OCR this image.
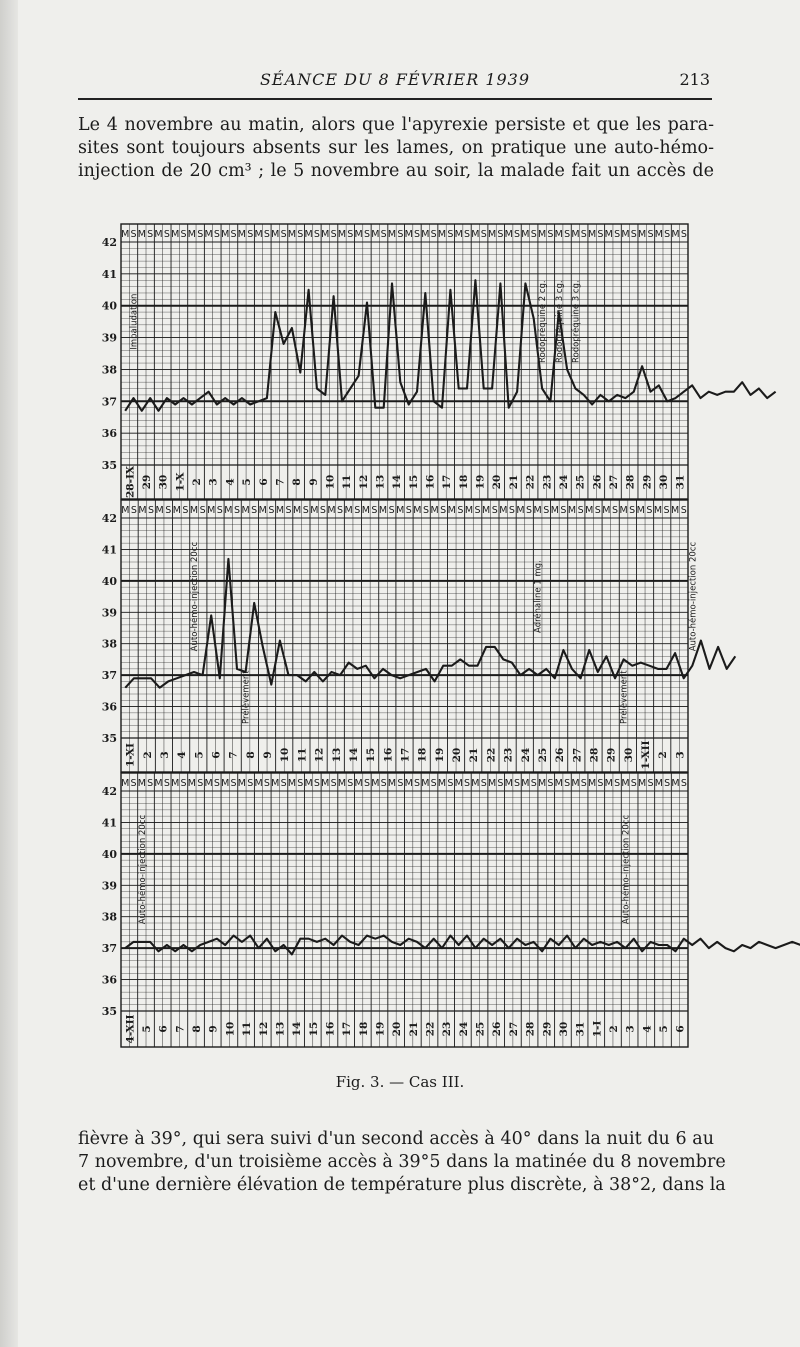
SÉANCE DU 8 FÉVRIER 1939	213

Le 4 novembre au matin, alors que l'apyrexie persiste et que les para-
sites sont toujours absents sur les lames, on pratique une auto-hémo-
injection de 20 cm³ ; le 5 novembre au soir, la malade fait un accès de

35
36
37
38
39
40
41
42
M S M S M S M S M S M S M S M S M S M S M S M S M S M S M S M S M S M S M S M S M S M S M S M S M S M S M S M S M S M S M S M S M S M S
28-IX 29 30 1-X 2 3 4 5 6 7 8 9 10 11 12 13 14 15 16 17 18 19 20 21 22 23 24 25 26 27 28 29 30 31
Impaludation	Rodopréquine 2 cg. Rodopréquine 3 cg. Rodopréquine 3 cg.
35
36
37
38
39
40
41
42
M S M S M S M S M S M S M S M S M S M S M S M S M S M S M S M S M S M S M S M S M S M S M S M S M S M S M S M S M S M S M S M S M S
1-XI 2 3 4 5 6 7 8 9 10 11 12 13 14 15 16 17 18 19 20 21 22 23 24 25 26 27 28 29 30 1-XII 2 3
Auto-hémo-injection 20cc
Prélèvement
Adrénaline 1 mg.
Prélèvement
Auto-hémo-injection 20cc
35
36
37
38
39
40
41
42
M S M S M S M S M S M S M S M S M S M S M S M S M S M S M S M S M S M S M S M S M S M S M S M S M S M S M S M S M S M S M S M S M S M S
4-XII 5 6 7 8 9 10 11 12 13 14 15 16 17 18 19 20 21 22 23 24 25 26 27 28 29 30 31 1-I 2 3 4 5 6
Auto-hémo-injection 20cc	Auto-hémo-injection 20cc
Fig. 3. — Cas III.

fièvre à 39°, qui sera suivi d'un second accès à 40° dans la nuit du 6 au
7 novembre, d'un troisième accès à 39°5 dans la matinée du 8 novembre
et d'une dernière élévation de température plus discrète, à 38°2, dans la
